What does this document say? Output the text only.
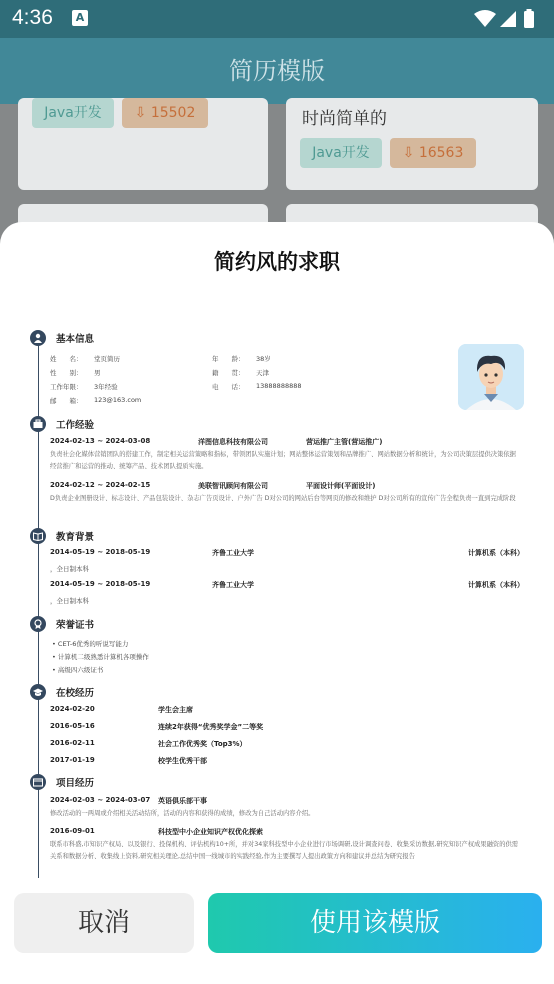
4:36	A
简历模版
Java开发	⇩ 15502	时尚简单的
Java开发	⇩ 16563
简约风的求职
基本信息
姓　　名： 堂页简历	年　　龄： 38岁
性　　别： 男	籍　　贯： 天津
工作年限： 3年经验	电　　话： 13888888888
邮　　箱： 123@163.com
工作经验
2024-02-13 ~ 2024-03-08	洋图信息科技有限公司	营运推广主管(营运推广)
负责社会化媒体营销团队的搭建工作，制定相关运营策略和指标，带领团队实施计划；网站整体运营策划和品牌推广、网站数据分析和统计，为公司决策层提供决策依据 经营推广和运营的推动、统筹产品、技术团队提质实施。
2024-02-12 ~ 2024-02-15	美联智讯顾问有限公司	平面设计师(平面设计)
D负责企业图册设计、标志设计、产品包装设计、杂志广告页设计、户外广告 D对公司的网站后台等网页的修改和维护 D对公司所有的宣传广告全程负责一直到完成阶段
教育背景
2014-05-19 ~ 2018-05-19	齐鲁工业大学	计算机系（本科）
，全日制本科
2014-05-19 ~ 2018-05-19	齐鲁工业大学	计算机系（本科）
，全日制本科
荣誉证书
• CET-6优秀的听说写能力
• 计算机二级熟悉计算机各项操作
• 高级四六级证书
在校经历
2024-02-20	学生会主席
2016-05-16	连续2年获得“优秀奖学金”二等奖
2016-02-11	社会工作优秀奖（Top3%）
2017-01-19	校学生优秀干部
项目经历
2024-02-03 ~ 2024-03-07 英语俱乐部干事
修改活动的一两周或介绍相关活动结所，活动的内容和获得的成绩，修改为自己活动内容介绍。
2016-09-01	科技型中小企业知识产权优化探索
联系市科盛,市知识产权局、以及银行、投保机构、评估机构10+所，并对34家科技型中小企业进行市场调研,设计调查问卷、收集采访数据,研究知识产权成果融资的供需关系和数据分析、收集线上资料,研究相关理论,总结中国一线城市的实践经验,作为主要撰写人提出政策方向和建议并总结为研究报告
取消	使用该模版
